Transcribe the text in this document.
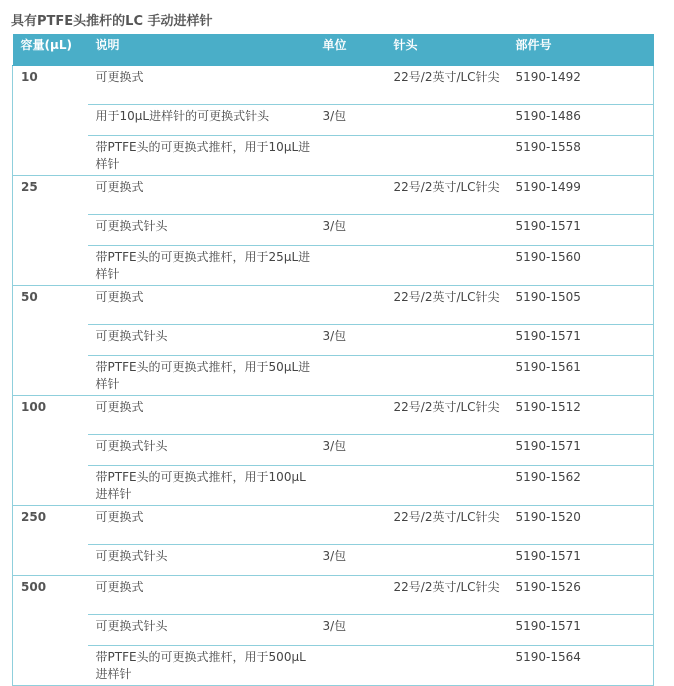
具有PTFE头推杆的LC 手动进样针
容量(μL)	说明	单位	针头	部件号
10	可更换式		22号/2英寸/LC针尖	5190-1492
	用于10μL进样针的可更换式针头	3/包		5190-1486
	带PTFE头的可更换式推杆，用于10μL进样针			5190-1558
25	可更换式		22号/2英寸/LC针尖	5190-1499
	可更换式针头	3/包		5190-1571
	带PTFE头的可更换式推杆，用于25μL进样针			5190-1560
50	可更换式		22号/2英寸/LC针尖	5190-1505
	可更换式针头	3/包		5190-1571
	带PTFE头的可更换式推杆，用于50μL进样针			5190-1561
100	可更换式		22号/2英寸/LC针尖	5190-1512
	可更换式针头	3/包		5190-1571
	带PTFE头的可更换式推杆，用于100μL进样针			5190-1562
250	可更换式		22号/2英寸/LC针尖	5190-1520
	可更换式针头	3/包		5190-1571
500	可更换式		22号/2英寸/LC针尖	5190-1526
	可更换式针头	3/包		5190-1571
	带PTFE头的可更换式推杆，用于500μL进样针			5190-1564
